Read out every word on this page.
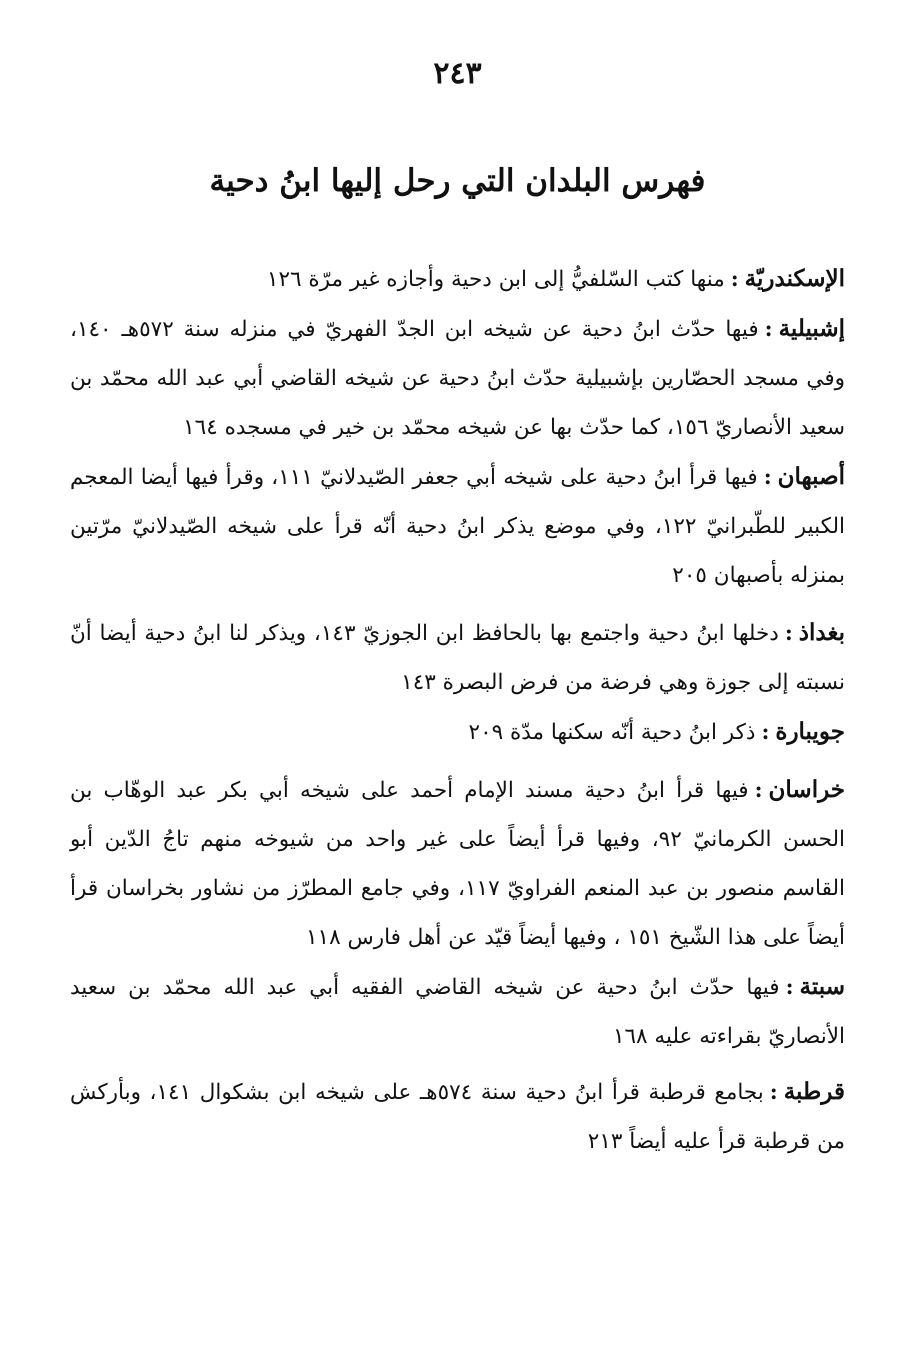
٢٤٣
فهرس البلدان التي رحل إليها ابنُ دحية

الإسكندريّة:منها كتب السّلفيُّ إلى ابن دحية وأجازه غير مرّة ١٢٦

إشبيلية:فيها حدّث ابنُ دحية عن شيخه ابن الجدّ الفهريّ في منزله سنة ٥٧٢هـ ١٤٠، وفي مسجد الحصّارين بإشبيلية حدّث ابنُ دحية عن شيخه القاضي أبي عبد الله محمّد بن سعيد الأنصاريّ ١٥٦، كما حدّث بها عن شيخه محمّد بن خير في مسجده ١٦٤

أصبهان:فيها قرأ ابنُ دحية على شيخه أبي جعفر الصّيدلانيّ ١١١، وقرأ فيها أيضا المعجم الكبير للطّبرانيّ ١٢٢، وفي موضع يذكر ابنُ دحية أنّه قرأ على شيخه الصّيدلانيّ مرّتين بمنزله بأصبهان ٢٠٥

بغداذ:دخلها ابنُ دحية واجتمع بها بالحافظ ابن الجوزيّ ١٤٣، ويذكر لنا ابنُ دحية أيضا أنّ نسبته إلى جوزة وهي فرضة من فرض البصرة ١٤٣

جويبارة:ذكر ابنُ دحية أنّه سكنها مدّة ٢٠٩

خراسان:فيها قرأ ابنُ دحية مسند الإمام أحمد على شيخه أبي بكر عبد الوهّاب بن الحسن الكرمانيّ ٩٢، وفيها قرأ أيضاً على غير واحد من شيوخه منهم تاجُ الدّين أبو القاسم منصور بن عبد المنعم الفراويّ ١١٧، وفي جامع المطرّز من نشاور بخراسان قرأ أيضاً على هذا الشّيخ ١٥١ ، وفيها أيضاً قيّد عن أهل فارس ١١٨

سبتة:فيها حدّث ابنُ دحية عن شيخه القاضي الفقيه أبي عبد الله محمّد بن سعيد الأنصاريّ بقراءته عليه ١٦٨

قرطبة:بجامع قرطبة قرأ ابنُ دحية سنة ٥٧٤هـ على شيخه ابن بشكوال ١٤١، وبأركش من قرطبة قرأ عليه أيضاً ٢١٣
